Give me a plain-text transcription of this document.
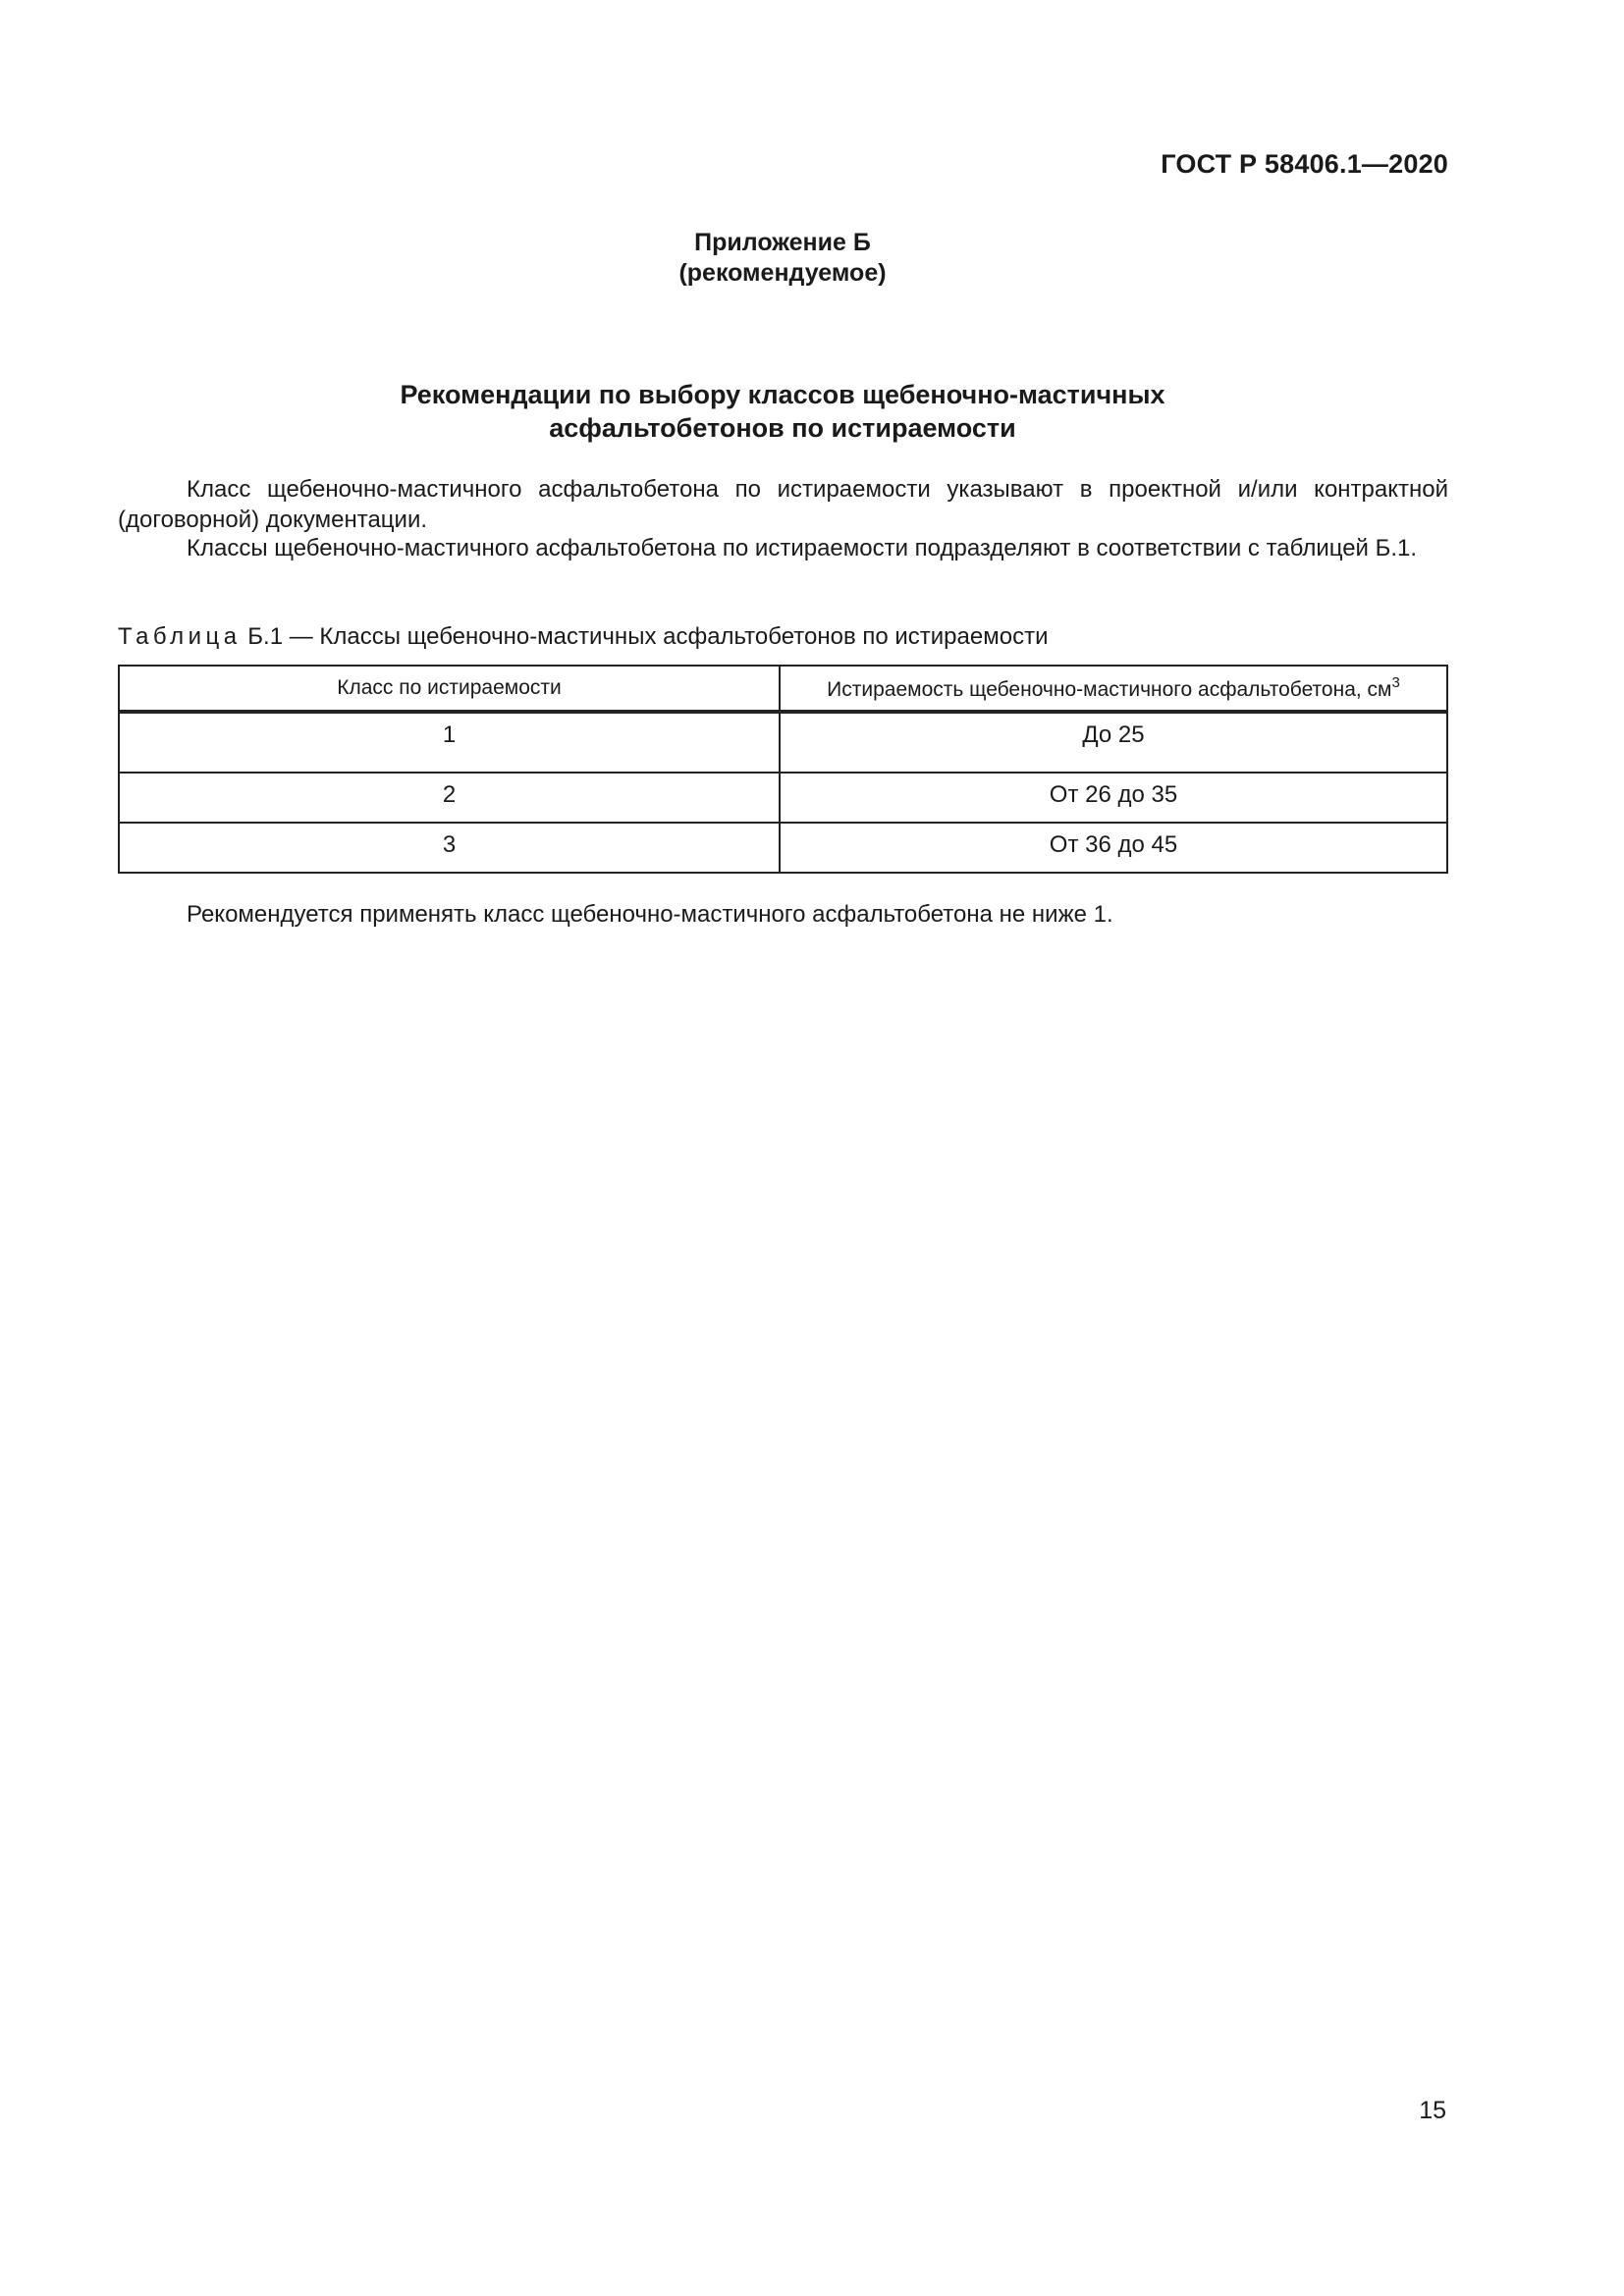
ГОСТ Р 58406.1—2020

Приложение Б
(рекомендуемое)
Рекомендации по выбору классов щебеночно-мастичных
асфальтобетонов по истираемости

Класс щебеночно-мастичного асфальтобетона по истираемости указывают в проектной и/или контрактной (договорной) документации.

Классы щебеночно-мастичного асфальтобетона по истираемости подразделяют в соответствии с таблицей Б.1.

Таблица Б.1 — Классы щебеночно-мастичных асфальтобетонов по истираемости

Класс по истираемости	Истираемость щебеночно-мастичного асфальтобетона, $см^3$
1	До 25
2	От 26 до 35
3	От 36 до 45

Рекомендуется применять класс щебеночно-мастичного асфальтобетона не ниже 1.

15
